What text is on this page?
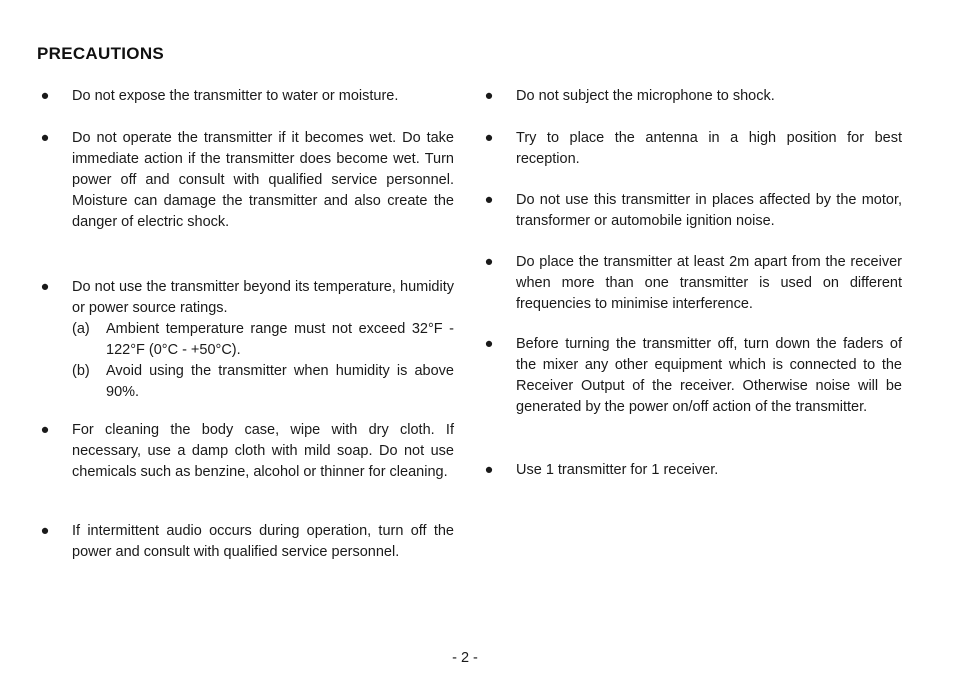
PRECAUTIONS
● Do not expose the transmitter to water or moisture.
● Do not operate the transmitter if it becomes wet. Do take immediate action if the transmitter does become wet. Turn power off and consult with qualified service personnel. Moisture can damage the transmitter and also create the danger of electric shock.
● Do not use the transmitter beyond its temperature, humidity or power source ratings.
(a)	Ambient temperature range must not exceed 32°F - 122°F (0°C - +50°C).
(b)	Avoid using the transmitter when humidity is above 90%.
● For cleaning the body case, wipe with dry cloth. If necessary, use a damp cloth with mild soap. Do not use chemicals such as benzine, alcohol or thinner for cleaning.
● If intermittent audio occurs during operation, turn off the power and consult with qualified service personnel.
● Do not subject the microphone to shock.
● Try to place the antenna in a high position for best reception.
● Do not use this transmitter in places affected by the motor, transformer or automobile ignition noise.
● Do place the transmitter at least 2m apart from the receiver when more than one transmitter is used on different frequencies to minimise interference.
● Before turning the transmitter off, turn down the faders of the mixer any other equipment which is connected to the Receiver Output of the receiver. Otherwise noise will be generated by the power on/off action of the transmitter.
● Use 1 transmitter for 1 receiver.
- 2 -
